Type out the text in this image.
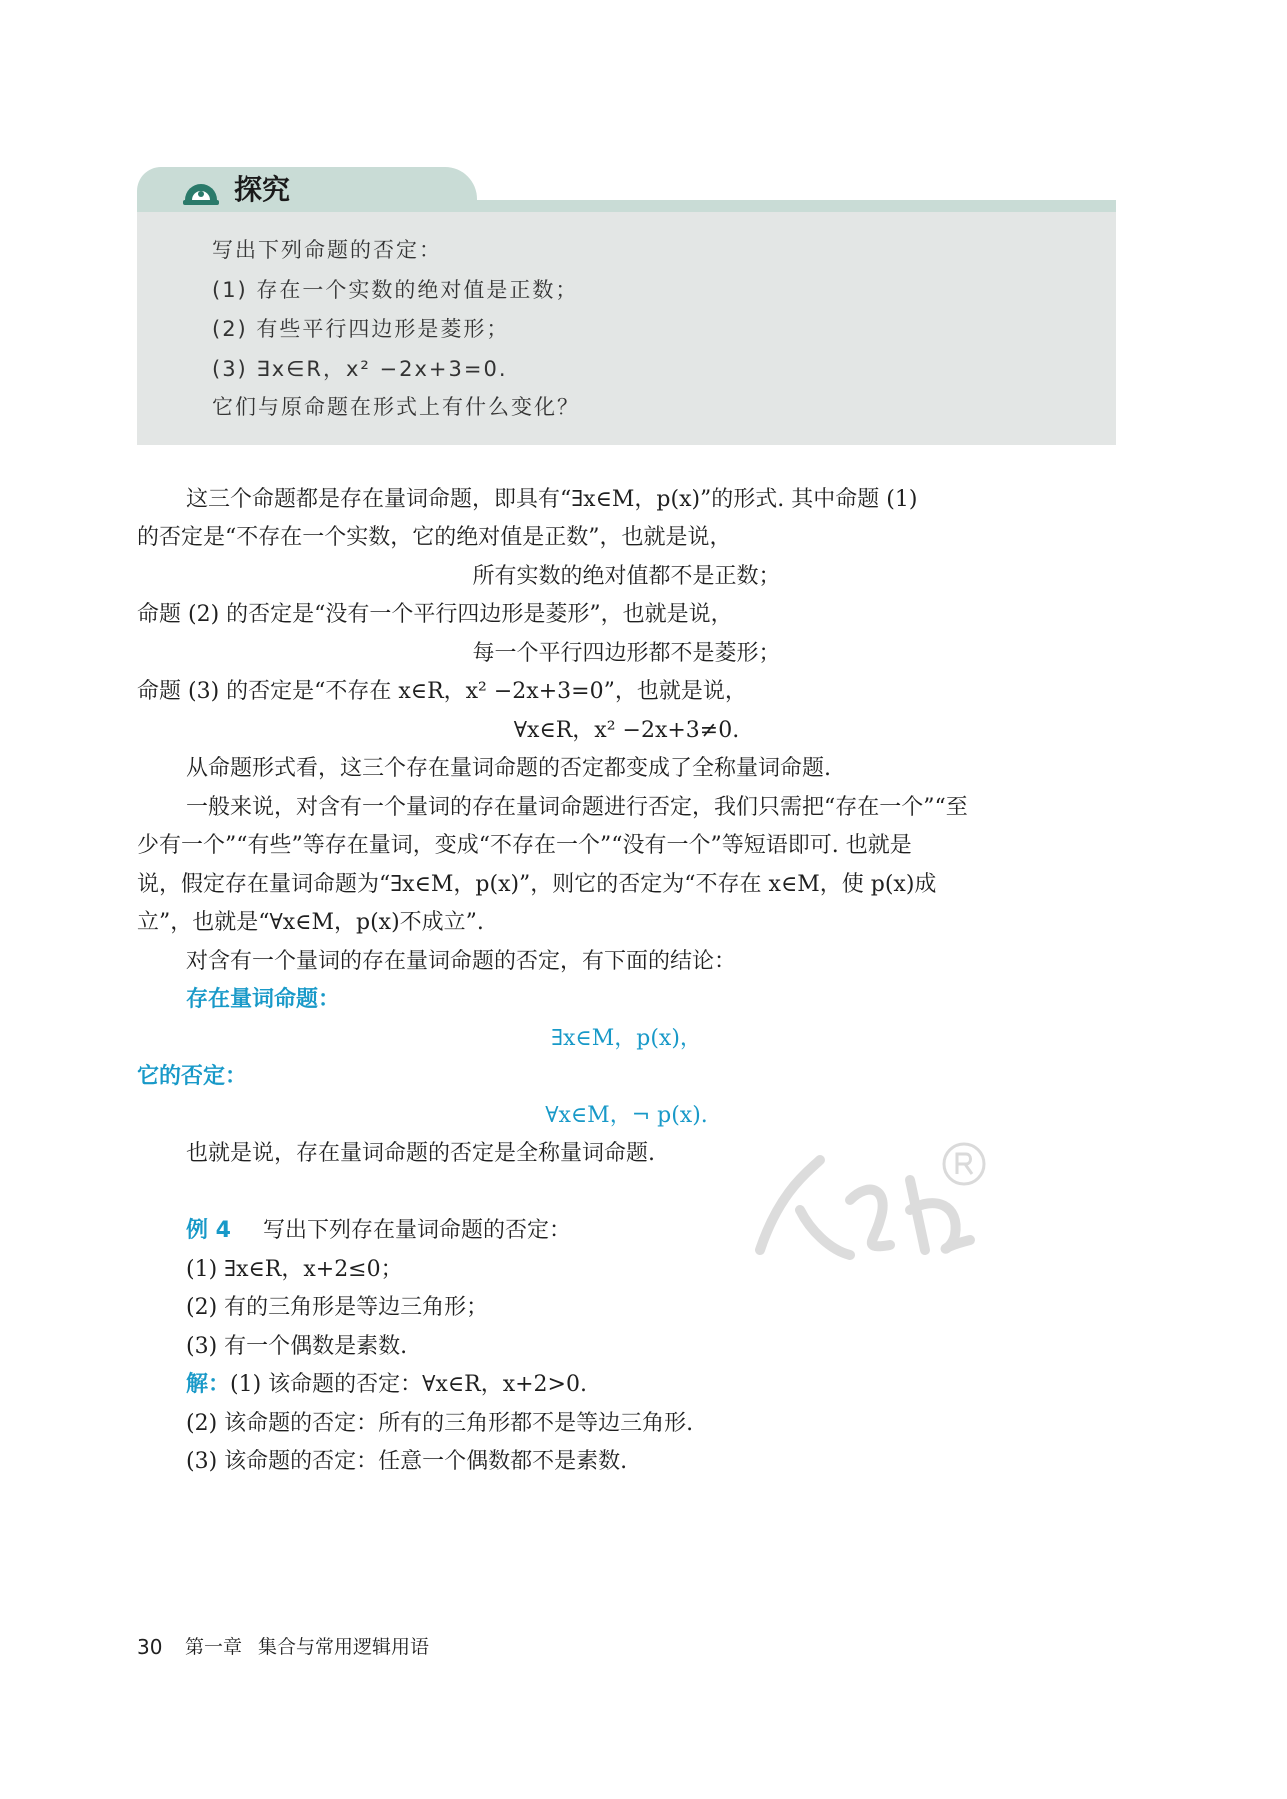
探究
写出下列命题的否定：
(1) 存在一个实数的绝对值是正数；
(2) 有些平行四边形是菱形；
(3) ∃x∈R，x² −2x+3=0.
它们与原命题在形式上有什么变化？
这三个命题都是存在量词命题，即具有“∃x∈M，p(x)”的形式. 其中命题 (1)
的否定是“不存在一个实数，它的绝对值是正数”，也就是说，
所有实数的绝对值都不是正数；
命题 (2) 的否定是“没有一个平行四边形是菱形”，也就是说，
每一个平行四边形都不是菱形；
命题 (3) 的否定是“不存在 x∈R，x² −2x+3=0”，也就是说，
∀x∈R，x² −2x+3≠0.
从命题形式看，这三个存在量词命题的否定都变成了全称量词命题.
一般来说，对含有一个量词的存在量词命题进行否定，我们只需把“存在一个”“至
少有一个”“有些”等存在量词，变成“不存在一个”“没有一个”等短语即可. 也就是
说，假定存在量词命题为“∃x∈M，p(x)”，则它的否定为“不存在 x∈M，使 p(x)成
立”，也就是“∀x∈M，p(x)不成立”.
对含有一个量词的存在量词命题的否定，有下面的结论：
存在量词命题：
∃x∈M，p(x)，
它的否定：
∀x∈M，¬ p(x).
也就是说，存在量词命题的否定是全称量词命题.
例 4 写出下列存在量词命题的否定：
(1) ∃x∈R，x+2≤0；
(2) 有的三角形是等边三角形；
(3) 有一个偶数是素数.
解：(1) 该命题的否定：∀x∈R，x+2>0.
(2) 该命题的否定：所有的三角形都不是等边三角形.
(3) 该命题的否定：任意一个偶数都不是素数.
30 第一章 集合与常用逻辑用语
